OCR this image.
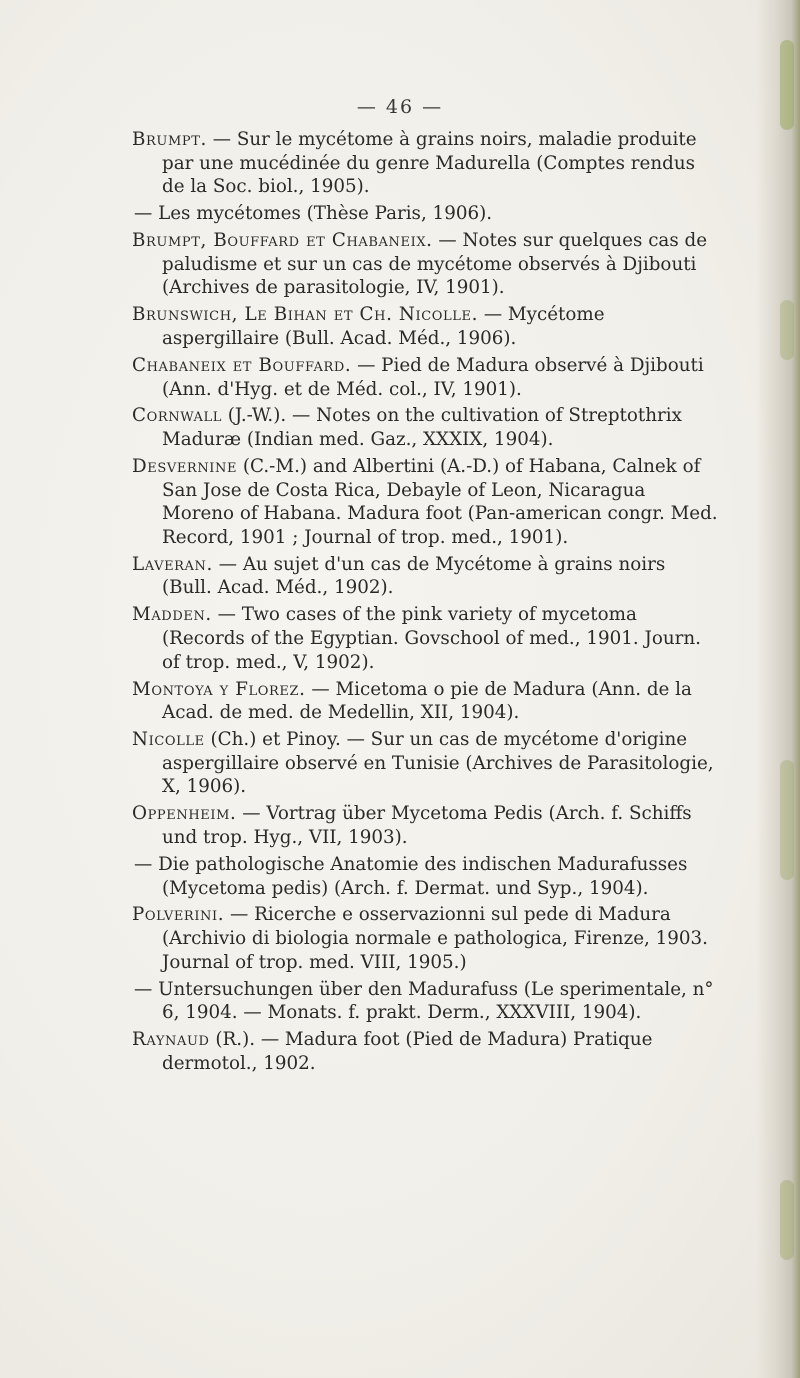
— 46 —
Brumpt. — Sur le mycétome à grains noirs, maladie produite par une mucédinée du genre Madurella (Comptes rendus de la Soc. biol., 1905).
— Les mycétomes (Thèse Paris, 1906).
Brumpt, Bouffard et Chabaneix. — Notes sur quelques cas de paludisme et sur un cas de mycétome observés à Djibouti (Archives de parasitologie, IV, 1901).
Brunswich, Le Bihan et Ch. Nicolle. — Mycétome aspergillaire (Bull. Acad. Méd., 1906).
Chabaneix et Bouffard. — Pied de Madura observé à Djibouti (Ann. d'Hyg. et de Méd. col., IV, 1901).
Cornwall (J.-W.). — Notes on the cultivation of Streptothrix Maduræ (Indian med. Gaz., XXXIX, 1904).
Desvernine (C.-M.) and Albertini (A.-D.) of Habana, Calnek of San Jose de Costa Rica, Debayle of Leon, Nicaragua Moreno of Habana. Madura foot (Pan-american congr. Med. Record, 1901 ; Journal of trop. med., 1901).
Laveran. — Au sujet d'un cas de Mycétome à grains noirs (Bull. Acad. Méd., 1902).
Madden. — Two cases of the pink variety of mycetoma (Records of the Egyptian. Govschool of med., 1901. Journ. of trop. med., V, 1902).
Montoya y Florez. — Micetoma o pie de Madura (Ann. de la Acad. de med. de Medellin, XII, 1904).
Nicolle (Ch.) et Pinoy. — Sur un cas de mycétome d'origine aspergillaire observé en Tunisie (Archives de Parasitologie, X, 1906).
Oppenheim. — Vortrag über Mycetoma Pedis (Arch. f. Schiffs und trop. Hyg., VII, 1903).
— Die pathologische Anatomie des indischen Madurafusses (Mycetoma pedis) (Arch. f. Dermat. und Syp., 1904).
Polverini. — Ricerche e osservazionni sul pede di Madura (Archivio di biologia normale e pathologica, Firenze, 1903. Journal of trop. med. VIII, 1905.)
— Untersuchungen über den Madurafuss (Le sperimentale, n° 6, 1904. — Monats. f. prakt. Derm., XXXVIII, 1904).
Raynaud (R.). — Madura foot (Pied de Madura) Pratique dermotol., 1902.
